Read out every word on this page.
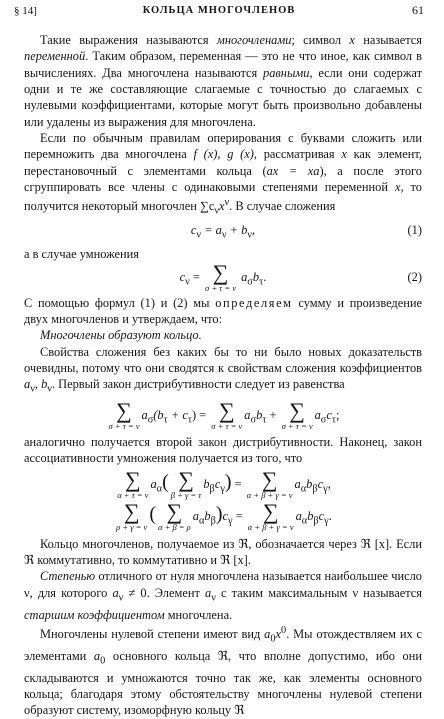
§ 14]	КОЛЬЦА МНОГОЧЛЕНОВ	61

Такие выражения называются многочленами; символ x называется переменной. Таким образом, переменная — это не что иное, как символ в вычислениях. Два многочлена называются равными, если они содержат одни и те же составляющие слагаемые с точностью до слагаемых с нулевыми коэффициентами, которые могут быть произвольно добавлены или удалены из выражения для многочлена.

Если по обычным правилам оперирования с буквами сложить или перемножить два многочлена f (x), g (x), рассматривая x как элемент, перестановочный с элементами кольца (ax = xa), а после этого сгруппировать все члены с одинаковыми степенями переменной x, то получится некоторый многочлен $\sum c_\nu x^\nu$. В случае сложения

$c_\nu = a_\nu + b_\nu$,	(1)

а в случае умножения

$c_\nu$ = ∑
σ + τ = ν
$a_\sigma b_\tau$.	(2)

С помощью формул (1) и (2) мы определяем сумму и произведение двух многочленов и утверждаем, что:

Многочлены образуют кольцо.

Свойства сложения без каких бы то ни было новых доказательств очевидны, потому что они сводятся к свойствам сложения коэффициентов $a_\nu$, $b_\nu$. Первый закон дистрибутивности следует из равенства

∑
σ + τ = ν
$a_\sigma(b_\tau + c_\tau)$ = ∑
σ + τ = ν
$a_\sigma b_\tau$ + ∑
σ + τ = ν
$a_\sigma c_\tau$;

аналогично получается второй закон дистрибутивности. Наконец, закон ассоциативности умножения получается из того, что

∑
α + τ = ν
$a_\alpha$( ∑
β + γ = τ
$b_\beta c_\gamma$) = ∑
α + β + γ = ν
$a_\alpha b_\beta c_\gamma$,
∑
ρ + γ = ν
( ∑
α + β = ρ
$a_\alpha b_\beta)c_\gamma$ = ∑
α + β + γ = ν
$a_\alpha b_\beta c_\gamma$.

Кольцо многочленов, получаемое из ℜ, обозначается через ℜ [x]. Если ℜ коммутативно, то коммутативно и ℜ [x].

Степенью отличного от нуля многочлена называется наибольшее число ν, для которого $a_\nu \ne 0$. Элемент $a_\nu$ с таким максимальным ν называется старшим коэффициентом многочлена.

Многочлены нулевой степени имеют вид $a_0x^0$. Мы отождествляем их с элементами $a_0$ основного кольца ℜ, что вполне допустимо, ибо они складываются и умножаются точно так же, как элементы основного кольца; благодаря этому обстоятельству многочлены нулевой степени образуют систему, изоморфную кольцу ℜ
